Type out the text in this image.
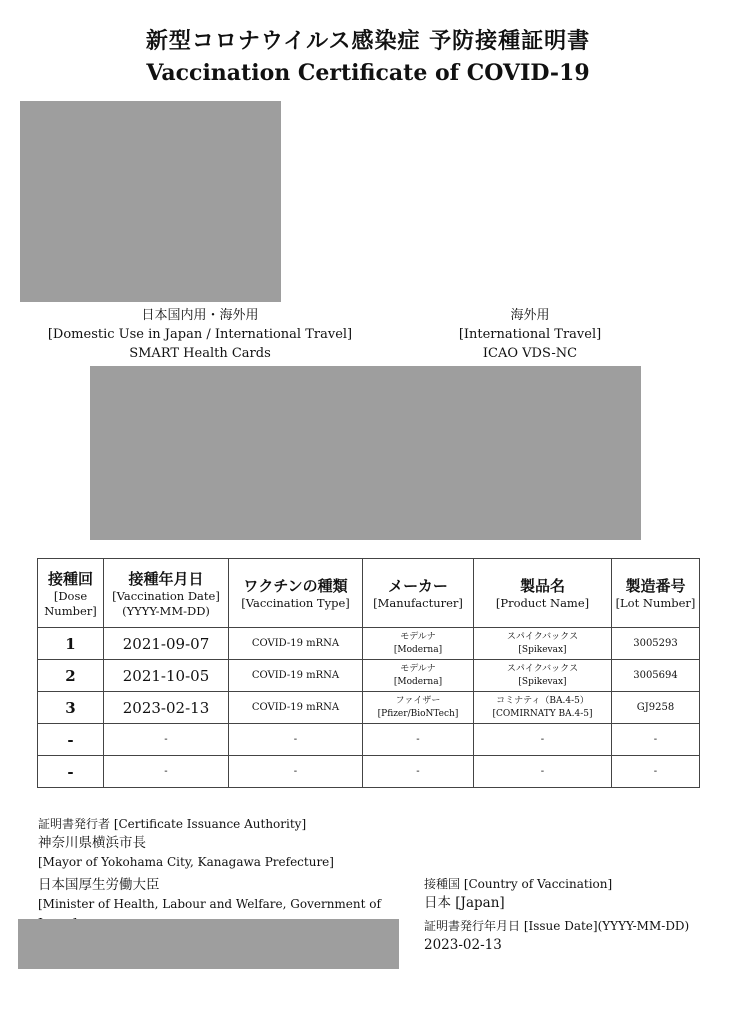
新型コロナウイルス感染症 予防接種証明書
Vaccination Certificate of COVID-19
日本国内用・海外用
[Domestic Use in Japan / International Travel]
SMART Health Cards
海外用
[International Travel]
ICAO VDS-NC
接種回
[Dose
Number]	接種年月日
[Vaccination Date]
(YYYY-MM-DD)	ワクチンの種類
[Vaccination Type]	メーカー
[Manufacturer]	製品名
[Product Name]	製造番号
[Lot Number]

1	2021-09-07	COVID-19 mRNA	モデルナ
[Moderna]	スパイクバックス
[Spikevax]	3005293
2	2021-10-05	COVID-19 mRNA	モデルナ
[Moderna]	スパイクバックス
[Spikevax]	3005694
3	2023-02-13	COVID-19 mRNA	ファイザー
[Pfizer/BioNTech]	コミナティ（BA.4-5）
[COMIRNATY BA.4-5]	GJ9258
-	-	-	-	-	-
-	-	-	-	-	-
証明書発行者 [Certificate Issuance Authority]
神奈川県横浜市長
[Mayor of Yokohama City, Kanagawa Prefecture]
日本国厚生労働大臣
[Minister of Health, Labour and Welfare, Government of
接種国 [Country of Vaccination]
日本 [Japan]
証明書発行年月日 [Issue Date](YYYY-MM-DD)
2023-02-13
